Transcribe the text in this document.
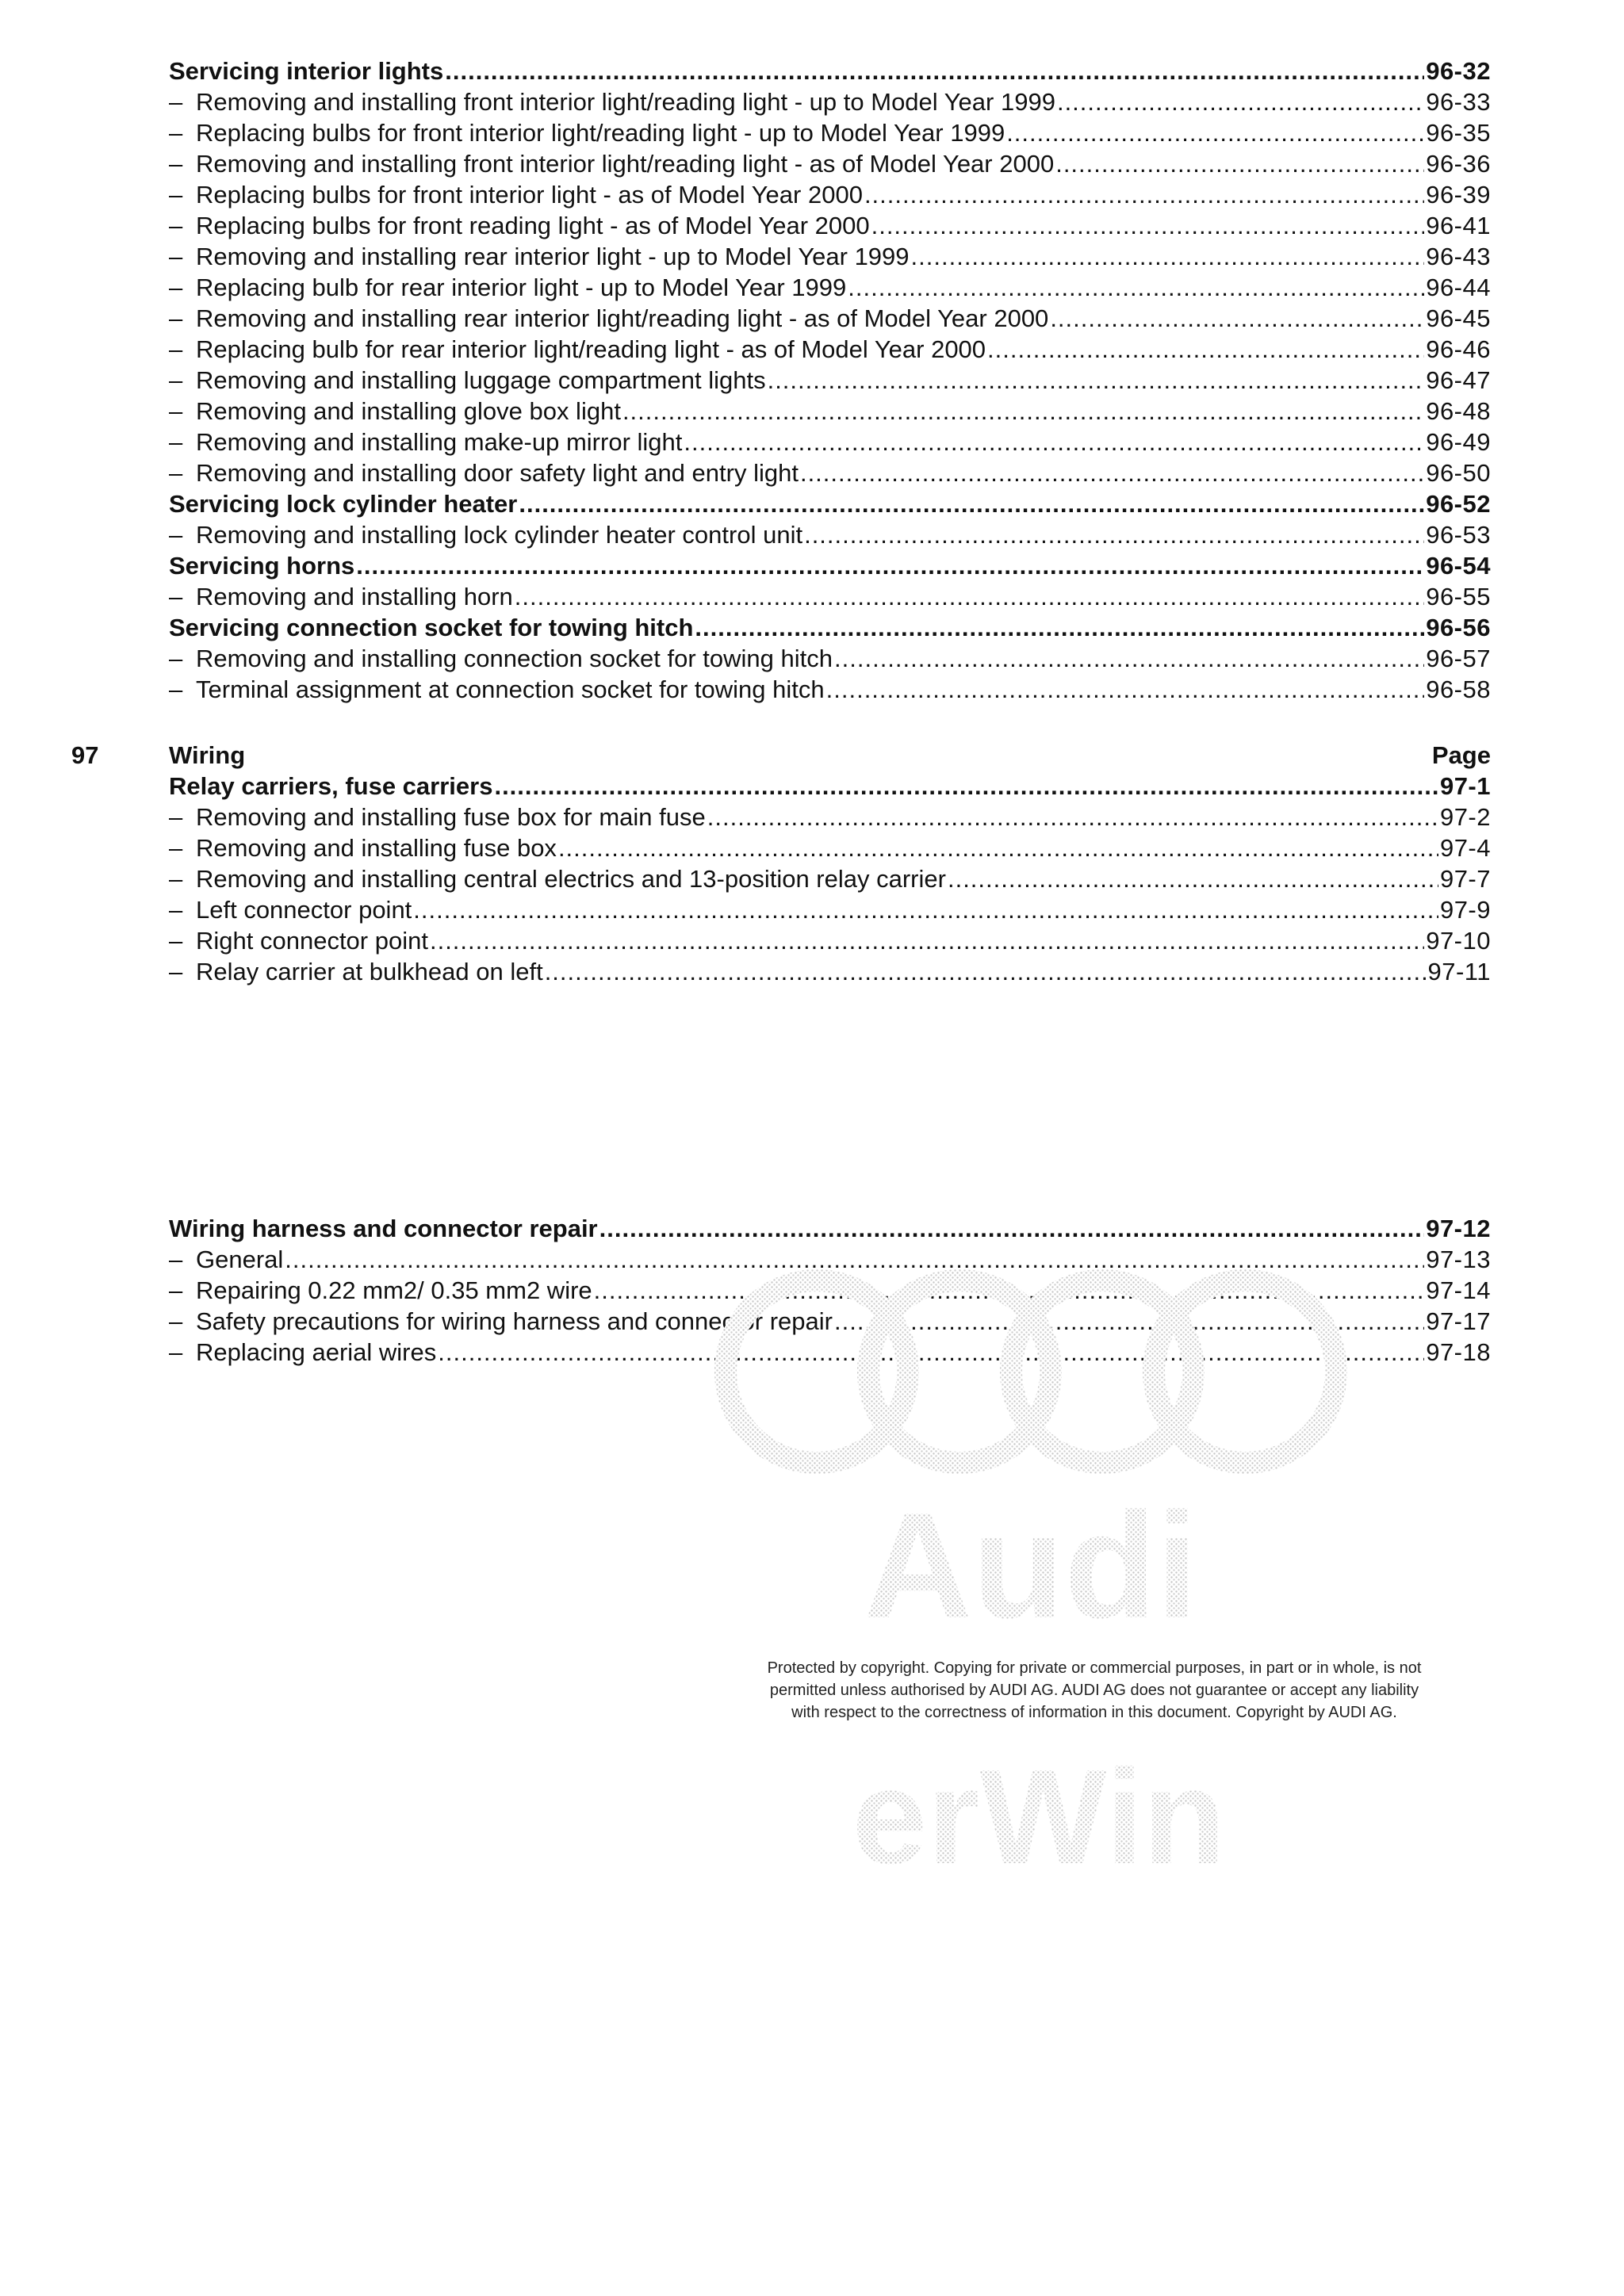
Servicing interior lights .....	96-32
– Removing and installing front interior light/reading light - up to Model Year 1999 .....	96-33
– Replacing bulbs for front interior light/reading light - up to Model Year 1999 .....	96-35
– Removing and installing front interior light/reading light - as of Model Year 2000 .....	96-36
– Replacing bulbs for front interior light - as of Model Year 2000 .....	96-39
– Replacing bulbs for front reading light - as of Model Year 2000 .....	96-41
– Removing and installing rear interior light - up to Model Year 1999 .....	96-43
– Replacing bulb for rear interior light - up to Model Year 1999 .....	96-44
– Removing and installing rear interior light/reading light - as of Model Year 2000 .....	96-45
– Replacing bulb for rear interior light/reading light - as of Model Year 2000 .....	96-46
– Removing and installing luggage compartment lights .....	96-47
– Removing and installing glove box light .....	96-48
– Removing and installing make-up mirror light .....	96-49
– Removing and installing door safety light and entry light .....	96-50
Servicing lock cylinder heater .....	96-52
– Removing and installing lock cylinder heater control unit .....	96-53
Servicing horns .....	96-54
– Removing and installing horn .....	96-55
Servicing connection socket for towing hitch .....	96-56
– Removing and installing connection socket for towing hitch .....	96-57
– Terminal assignment at connection socket for towing hitch .....	96-58
97	Wiring	Page
Relay carriers, fuse carriers .....	97-1
– Removing and installing fuse box for main fuse .....	97-2
– Removing and installing fuse box .....	97-4
– Removing and installing central electrics and 13-position relay carrier .....	97-7
– Left connector point .....	97-9
– Right connector point .....	97-10
– Relay carrier at bulkhead on left .....	97-11
Wiring harness and connector repair .....	97-12
– General .....	97-13
– Repairing 0.22 mm2/ 0.35 mm2 wire .....	97-14
– Safety precautions for wiring harness and connector repair .....	97-17
– Replacing aerial wires .....	97-18
Audi
erWin

Protected by copyright. Copying for private or commercial purposes, in part or in whole, is not

permitted unless authorised by AUDI AG. AUDI AG does not guarantee or accept any liability

with respect to the correctness of information in this document. Copyright by AUDI AG.
